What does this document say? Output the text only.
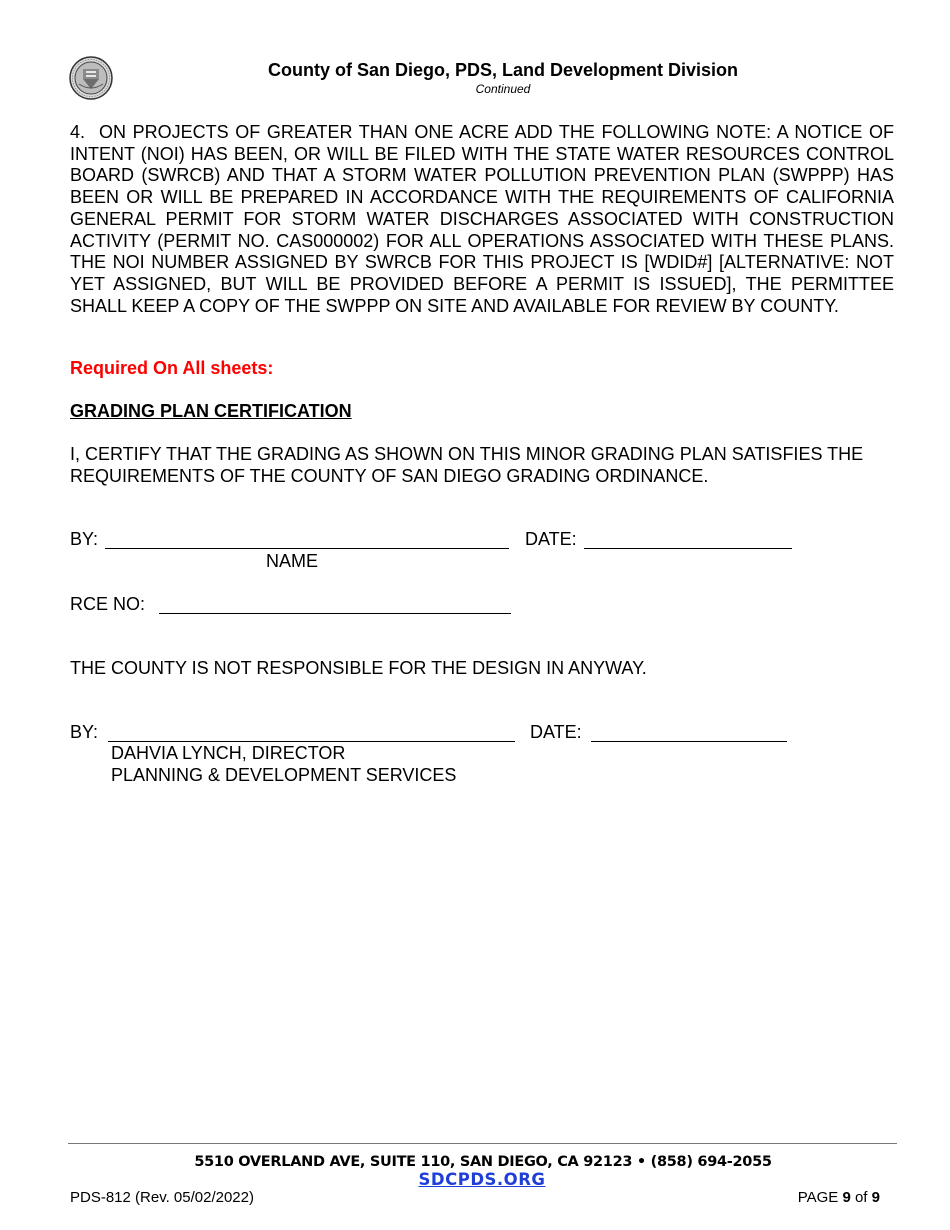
County of San Diego, PDS, Land Development Division
Continued
4. ON PROJECTS OF GREATER THAN ONE ACRE ADD THE FOLLOWING NOTE: A NOTICE OF INTENT (NOI) HAS BEEN, OR WILL BE FILED WITH THE STATE WATER RESOURCES CONTROL BOARD (SWRCB) AND THAT A STORM WATER POLLUTION PREVENTION PLAN (SWPPP) HAS BEEN OR WILL BE PREPARED IN ACCORDANCE WITH THE REQUIREMENTS OF CALIFORNIA GENERAL PERMIT FOR STORM WATER DISCHARGES ASSOCIATED WITH CONSTRUCTION ACTIVITY (PERMIT NO. CAS000002) FOR ALL OPERATIONS ASSOCIATED WITH THESE PLANS. THE NOI NUMBER ASSIGNED BY SWRCB FOR THIS PROJECT IS [WDID#] [ALTERNATIVE: NOT YET ASSIGNED, BUT WILL BE PROVIDED BEFORE A PERMIT IS ISSUED], THE PERMITTEE SHALL KEEP A COPY OF THE SWPPP ON SITE AND AVAILABLE FOR REVIEW BY COUNTY.
Required On All sheets:
GRADING PLAN CERTIFICATION
I, CERTIFY THAT THE GRADING AS SHOWN ON THIS MINOR GRADING PLAN SATISFIES THE REQUIREMENTS OF THE COUNTY OF SAN DIEGO GRADING ORDINANCE.
BY:	DATE:
NAME
RCE NO:
THE COUNTY IS NOT RESPONSIBLE FOR THE DESIGN IN ANYWAY.
BY:	DATE:
DAHVIA LYNCH, DIRECTOR
PLANNING & DEVELOPMENT SERVICES
5510 OVERLAND AVE, SUITE 110, SAN DIEGO, CA 92123 • (858) 694-2055
SDCPDS.ORG
PDS-812 (Rev. 05/02/2022)	PAGE 9 of 9
